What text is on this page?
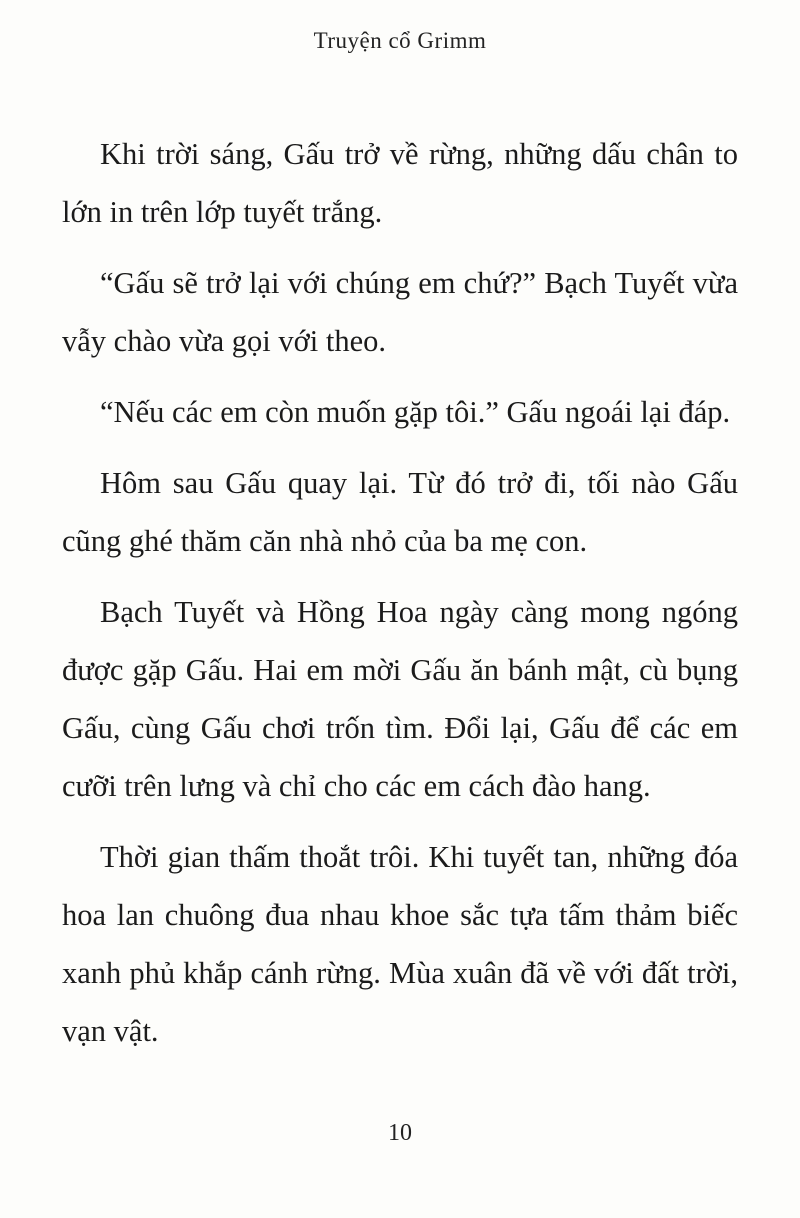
Truyện cổ Grimm

Khi trời sáng, Gấu trở về rừng, những dấu chân to lớn in trên lớp tuyết trắng.

“Gấu sẽ trở lại với chúng em chứ?” Bạch Tuyết vừa vẫy chào vừa gọi với theo.

“Nếu các em còn muốn gặp tôi.” Gấu ngoái lại đáp.

Hôm sau Gấu quay lại. Từ đó trở đi, tối nào Gấu cũng ghé thăm căn nhà nhỏ của ba mẹ con.

Bạch Tuyết và Hồng Hoa ngày càng mong ngóng được gặp Gấu. Hai em mời Gấu ăn bánh mật, cù bụng Gấu, cùng Gấu chơi trốn tìm. Đổi lại, Gấu để các em cưỡi trên lưng và chỉ cho các em cách đào hang.

Thời gian thấm thoắt trôi. Khi tuyết tan, những đóa hoa lan chuông đua nhau khoe sắc tựa tấm thảm biếc xanh phủ khắp cánh rừng. Mùa xuân đã về với đất trời, vạn vật.

10
